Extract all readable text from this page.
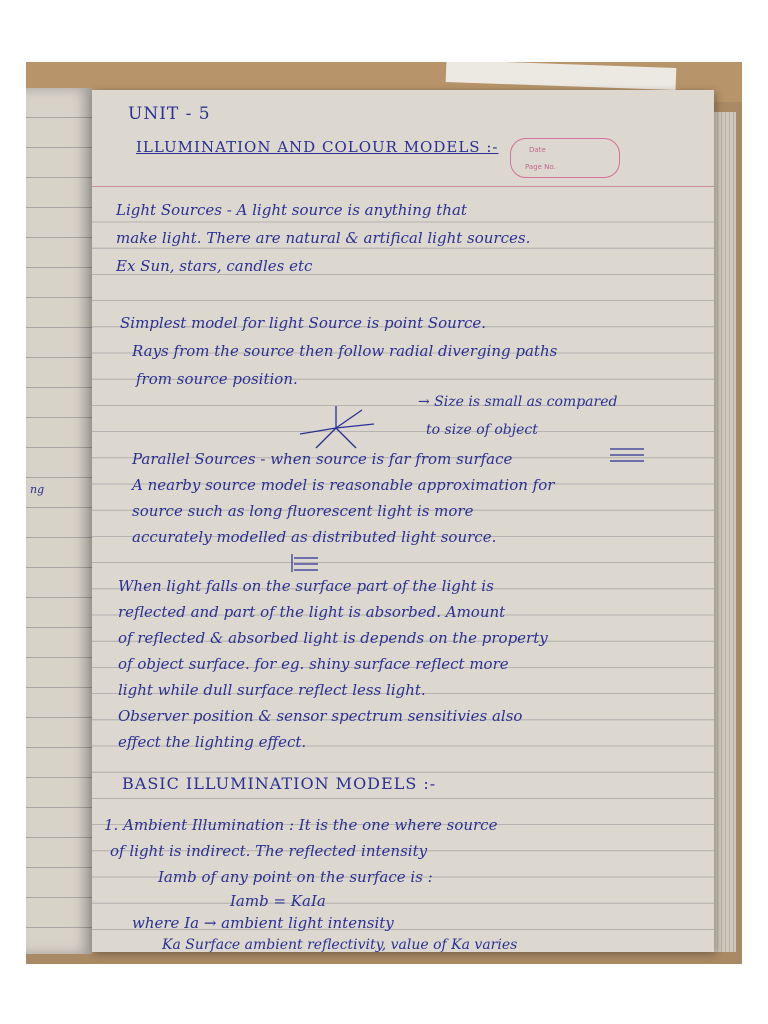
ng
Date
Page No.
UNIT - 5
ILLUMINATION AND COLOUR MODELS :-
Light Sources - A light source is anything that
make light. There are natural & artifical light sources.
Ex Sun, stars, candles etc
Simplest model for light Source is point Source.
Rays from the source then follow radial diverging paths
from source position.
→ Size is small as compared
to size of object
Parallel Sources - when source is far from surface
A nearby source model is reasonable approximation for
source such as long fluorescent light is more
accurately modelled as distributed light source.
When light falls on the surface part of the light is
reflected and part of the light is absorbed. Amount
of reflected & absorbed light is depends on the property
of object surface. for eg. shiny surface reflect more
light while dull surface reflect less light.
Observer position & sensor spectrum sensitivies also
effect the lighting effect.
BASIC ILLUMINATION MODELS :-
1. Ambient Illumination : It is the one where source
of light is indirect. The reflected intensity
Iamb of any point on the surface is :
Iamb = KaIa
where Ia → ambient light intensity
Ka Surface ambient reflectivity, value of Ka varies
